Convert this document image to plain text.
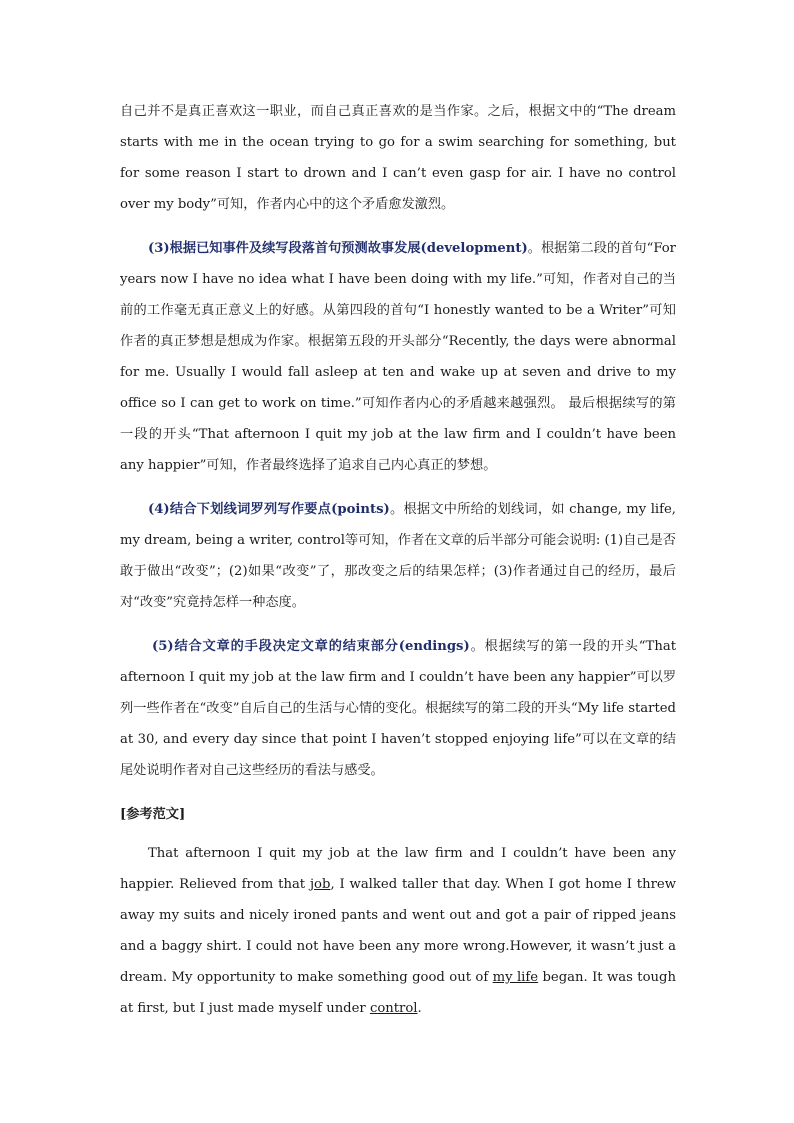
自己并不是真正喜欢这一职业，而自己真正喜欢的是当作家。之后，根据文中的“The dream starts with me in the ocean trying to go for a swim searching for something, but for some reason I start to drown and I can’t even gasp for air. I have no control over my body”可知，作者内心中的这个矛盾愈发激烈。

(3)根据已知事件及续写段落首句预测故事发展(development)。根据第二段的首句“For years now I have no idea what I have been doing with my life.”可知，作者对自己的当前的工作毫无真正意义上的好感。从第四段的首句“I honestly wanted to be a Writer”可知作者的真正梦想是想成为作家。根据第五段的开头部分“Recently, the days were abnormal for me. Usually I would fall asleep at ten and wake up at seven and drive to my office so I can get to work on time.”可知作者内心的矛盾越来越强烈。 最后根据续写的第一段的开头“That afternoon I quit my job at the law firm and I couldn’t have been any happier”可知，作者最终选择了追求自己内心真正的梦想。

(4)结合下划线词罗列写作要点(points)。根据文中所给的划线词，如 change, my life, my dream, being a writer, control等可知，作者在文章的后半部分可能会说明: (1)自己是否敢于做出“改变”；(2)如果“改变”了，那改变之后的结果怎样；(3)作者通过自己的经历，最后对“改变”究竟持怎样一种态度。

(5)结合文章的手段决定文章的结束部分(endings)。根据续写的第一段的开头“That afternoon I quit my job at the law firm and I couldn’t have been any happier”可以罗列一些作者在“改变”自后自己的生活与心情的变化。根据续写的第二段的开头“My life started at 30, and every day since that point I haven’t stopped enjoying life”可以在文章的结尾处说明作者对自己这些经历的看法与感受。

[参考范文]

That afternoon I quit my job at the law firm and I couldn’t have been any happier. Relieved from that job, I walked taller that day. When I got home I threw away my suits and nicely ironed pants and went out and got a pair of ripped jeans and a baggy shirt. I could not have been any more wrong.However, it wasn’t just a dream. My opportunity to make something good out of my life began. It was tough at first, but I just made myself under control.
